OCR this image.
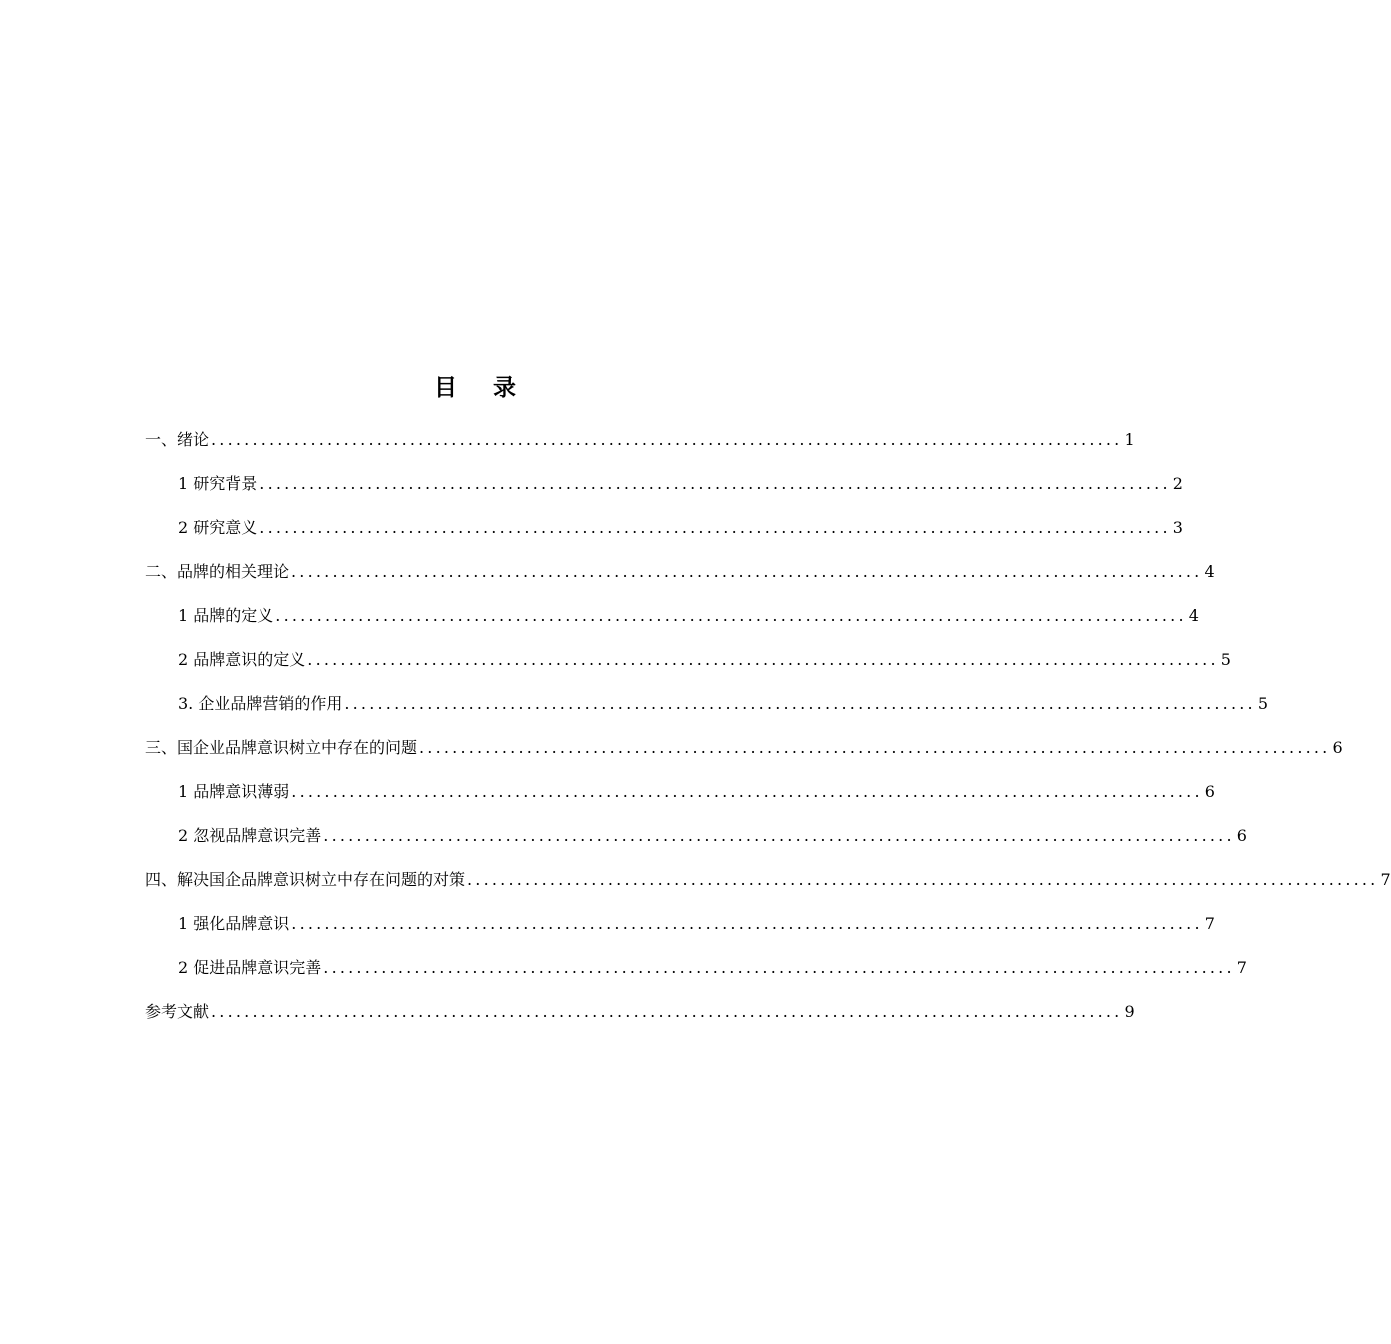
目 录
一、绪论 .............................................................................................................. 1
1 研究背景 .............................................................................................................. 2
2 研究意义 .............................................................................................................. 3
二、品牌的相关理论 .............................................................................................................. 4
1 品牌的定义 .............................................................................................................. 4
2 品牌意识的定义 .............................................................................................................. 5
3. 企业品牌营销的作用 .............................................................................................................. 5
三、国企业品牌意识树立中存在的问题 .............................................................................................................. 6
1 品牌意识薄弱 .............................................................................................................. 6
2 忽视品牌意识完善 .............................................................................................................. 6
四、解决国企品牌意识树立中存在问题的对策 .............................................................................................................. 7
1 强化品牌意识 .............................................................................................................. 7
2 促进品牌意识完善 .............................................................................................................. 7
参考文献 .............................................................................................................. 9
